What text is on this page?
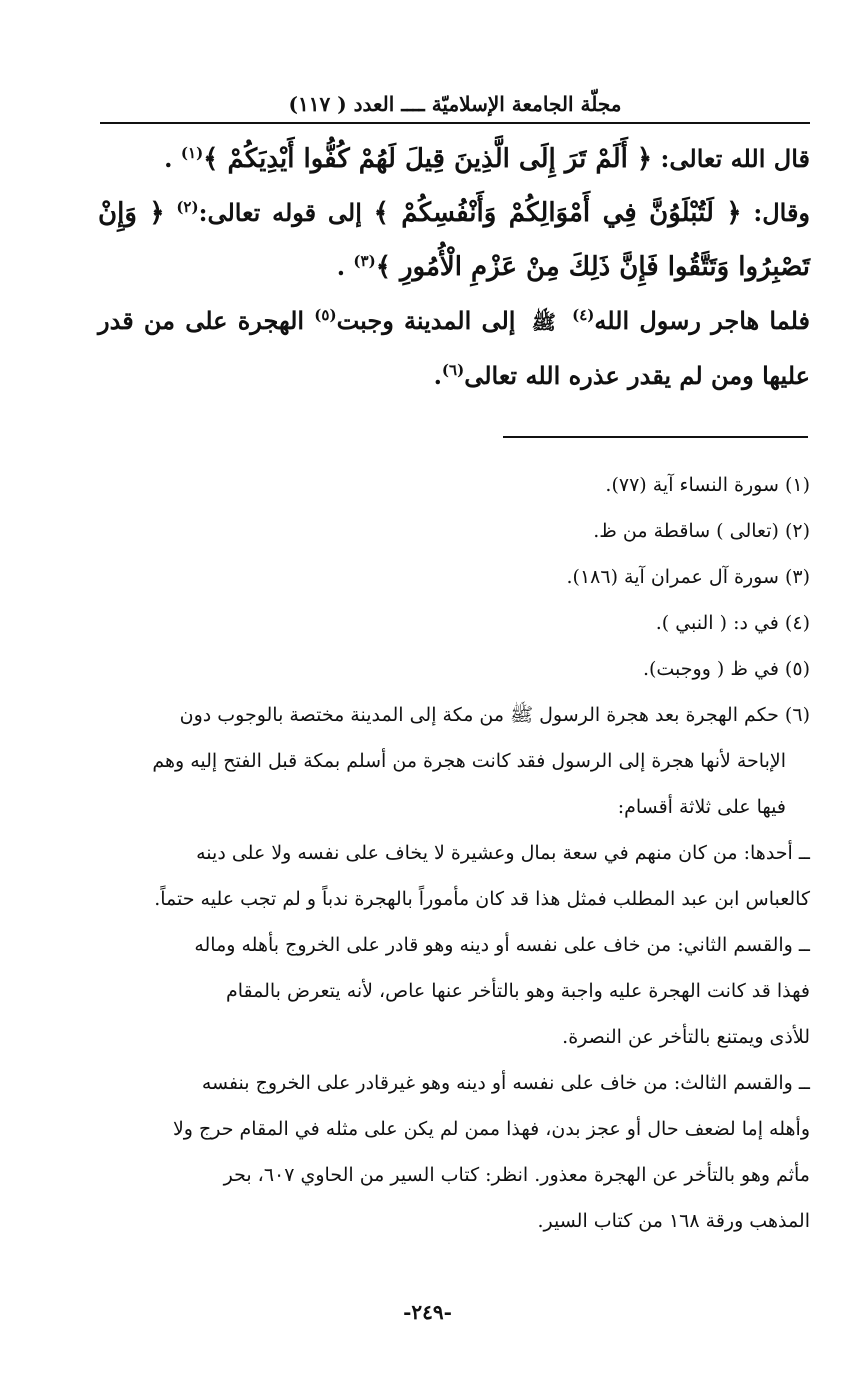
مجلّة الجامعة الإسلاميّة ــــ العدد ( ١١٧)

قال الله تعالى: ﴿ أَلَمْ تَرَ إِلَى الَّذِينَ قِيلَ لَهُمْ كُفُّوا أَيْدِيَكُمْ ﴾$^{(١)}$ .

وقال: ﴿ لَتُبْلَوُنَّ فِي أَمْوَالِكُمْ وَأَنْفُسِكُمْ ﴾ إلى قوله تعالى:$^{(٢)}$ ﴿ وَإِنْ تَصْبِرُوا وَتَتَّقُوا فَإِنَّ ذَلِكَ مِنْ عَزْمِ الْأُمُورِ ﴾$^{(٣)}$ .

فلما هاجر رسول الله$^{(٤)}$ ﷺ إلى المدينة وجبت$^{(٥)}$ الهجرة على من قدر عليها ومن لم يقدر عذره الله تعالى$^{(٦)}$.

(١) سورة النساء آية (٧٧).

(٢) (تعالى ) ساقطة من ظ.

(٣) سورة آل عمران آية (١٨٦).

(٤) في د: ( النبي ).

(٥) في ظ ( ووجبت).

(٦) حكم الهجرة بعد هجرة الرسول ﷺ من مكة إلى المدينة مختصة بالوجوب دون

الإباحة لأنها هجرة إلى الرسول فقد كانت هجرة من أسلم بمكة قبل الفتح إليه وهم

فيها على ثلاثة أقسام:

ــ أحدها: من كان منهم في سعة بمال وعشيرة لا يخاف على نفسه ولا على دينه

كالعباس ابن عبد المطلب فمثل هذا قد كان مأموراً بالهجرة ندباً و لم تجب عليه حتماً.

ــ والقسم الثاني: من خاف على نفسه أو دينه وهو قادر على الخروج بأهله وماله

فهذا قد كانت الهجرة عليه واجبة وهو بالتأخر عنها عاص، لأنه يتعرض بالمقام

للأذى ويمتنع بالتأخر عن النصرة.

ــ والقسم الثالث: من خاف على نفسه أو دينه وهو غيرقادر على الخروج بنفسه

وأهله إما لضعف حال أو عجز بدن، فهذا ممن لم يكن على مثله في المقام حرج ولا

مأثم وهو بالتأخر عن الهجرة معذور. انظر: كتاب السير من الحاوي ٦٠٧، بحر

المذهب ورقة ١٦٨ من كتاب السير.

-٢٤٩-
